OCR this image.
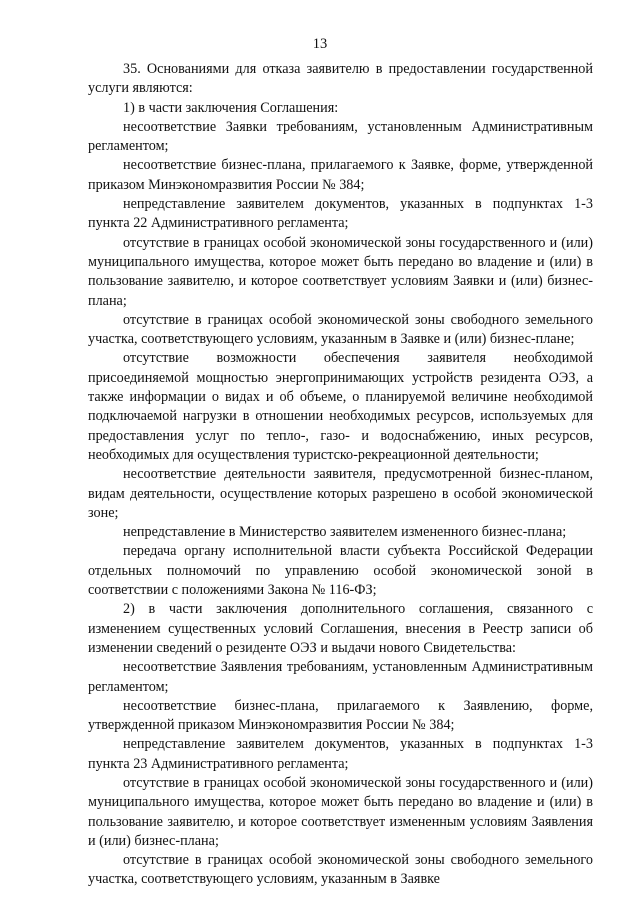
13

35. Основаниями для отказа заявителю в предоставлении государственной услуги являются:

1) в части заключения Соглашения:

несоответствие Заявки требованиям, установленным Административным регламентом;

несоответствие бизнес-плана, прилагаемого к Заявке, форме, утвержденной приказом Минэкономразвития России № 384;

непредставление заявителем документов, указанных в подпунктах 1-3 пункта 22 Административного регламента;

отсутствие в границах особой экономической зоны государственного и (или) муниципального имущества, которое может быть передано во владение и (или) в пользование заявителю, и которое соответствует условиям Заявки и (или) бизнес-плана;

отсутствие в границах особой экономической зоны свободного земельного участка, соответствующего условиям, указанным в Заявке и (или) бизнес-плане;

отсутствие возможности обеспечения заявителя необходимой присоединяемой мощностью энергопринимающих устройств резидента ОЭЗ, а также информации о видах и об объеме, о планируемой величине необходимой подключаемой нагрузки в отношении необходимых ресурсов, используемых для предоставления услуг по тепло-, газо- и водоснабжению, иных ресурсов, необходимых для осуществления туристско-рекреационной деятельности;

несоответствие деятельности заявителя, предусмотренной бизнес-планом, видам деятельности, осуществление которых разрешено в особой экономической зоне;

непредставление в Министерство заявителем измененного бизнес-плана;

передача органу исполнительной власти субъекта Российской Федерации отдельных полномочий по управлению особой экономической зоной в соответствии с положениями Закона № 116-ФЗ;

2) в части заключения дополнительного соглашения, связанного с изменением существенных условий Соглашения, внесения в Реестр записи об изменении сведений о резиденте ОЭЗ и выдачи нового Свидетельства:

несоответствие Заявления требованиям, установленным Административным регламентом;

несоответствие бизнес-плана, прилагаемого к Заявлению, форме, утвержденной приказом Минэкономразвития России № 384;

непредставление заявителем документов, указанных в подпунктах 1-3 пункта 23 Административного регламента;

отсутствие в границах особой экономической зоны государственного и (или) муниципального имущества, которое может быть передано во владение и (или) в пользование заявителю, и которое соответствует измененным условиям Заявления и (или) бизнес-плана;

отсутствие в границах особой экономической зоны свободного земельного участка, соответствующего условиям, указанным в Заявке
